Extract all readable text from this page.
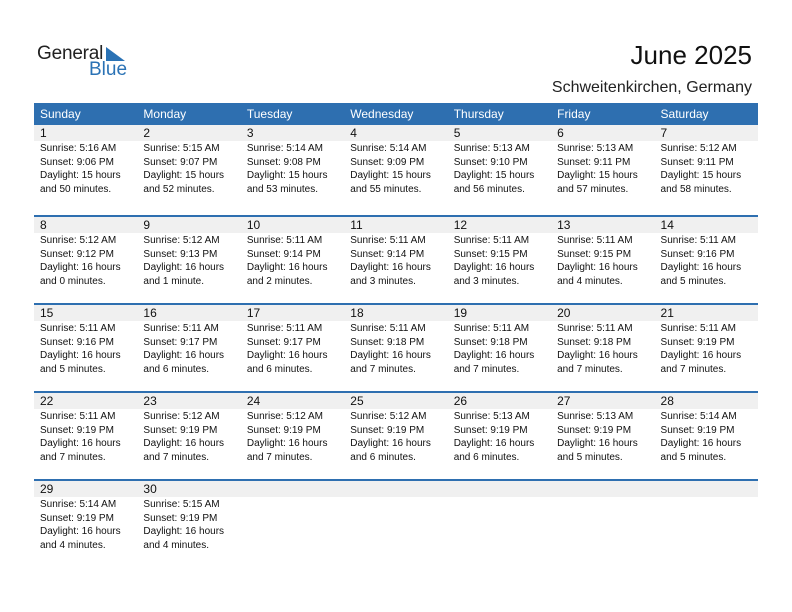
General
Blue	June 2025
Schweitenkirchen, Germany
Sunday	Monday	Tuesday	Wednesday	Thursday	Friday	Saturday
1	2	3	4	5	6	7
Sunrise: 5:16 AM
Sunset: 9:06 PM
Daylight: 15 hours
and 50 minutes.
Sunrise: 5:15 AM
Sunset: 9:07 PM
Daylight: 15 hours
and 52 minutes.
Sunrise: 5:14 AM
Sunset: 9:08 PM
Daylight: 15 hours
and 53 minutes.
Sunrise: 5:14 AM
Sunset: 9:09 PM
Daylight: 15 hours
and 55 minutes.
Sunrise: 5:13 AM
Sunset: 9:10 PM
Daylight: 15 hours
and 56 minutes.
Sunrise: 5:13 AM
Sunset: 9:11 PM
Daylight: 15 hours
and 57 minutes.
Sunrise: 5:12 AM
Sunset: 9:11 PM
Daylight: 15 hours
and 58 minutes.
8	9	10	11	12	13	14
Sunrise: 5:12 AM
Sunset: 9:12 PM
Daylight: 16 hours
and 0 minutes.
Sunrise: 5:12 AM
Sunset: 9:13 PM
Daylight: 16 hours
and 1 minute.
Sunrise: 5:11 AM
Sunset: 9:14 PM
Daylight: 16 hours
and 2 minutes.
Sunrise: 5:11 AM
Sunset: 9:14 PM
Daylight: 16 hours
and 3 minutes.
Sunrise: 5:11 AM
Sunset: 9:15 PM
Daylight: 16 hours
and 3 minutes.
Sunrise: 5:11 AM
Sunset: 9:15 PM
Daylight: 16 hours
and 4 minutes.
Sunrise: 5:11 AM
Sunset: 9:16 PM
Daylight: 16 hours
and 5 minutes.
15	16	17	18	19	20	21
Sunrise: 5:11 AM
Sunset: 9:16 PM
Daylight: 16 hours
and 5 minutes.
Sunrise: 5:11 AM
Sunset: 9:17 PM
Daylight: 16 hours
and 6 minutes.
Sunrise: 5:11 AM
Sunset: 9:17 PM
Daylight: 16 hours
and 6 minutes.
Sunrise: 5:11 AM
Sunset: 9:18 PM
Daylight: 16 hours
and 7 minutes.
Sunrise: 5:11 AM
Sunset: 9:18 PM
Daylight: 16 hours
and 7 minutes.
Sunrise: 5:11 AM
Sunset: 9:18 PM
Daylight: 16 hours
and 7 minutes.
Sunrise: 5:11 AM
Sunset: 9:19 PM
Daylight: 16 hours
and 7 minutes.
22	23	24	25	26	27	28
Sunrise: 5:11 AM
Sunset: 9:19 PM
Daylight: 16 hours
and 7 minutes.
Sunrise: 5:12 AM
Sunset: 9:19 PM
Daylight: 16 hours
and 7 minutes.
Sunrise: 5:12 AM
Sunset: 9:19 PM
Daylight: 16 hours
and 7 minutes.
Sunrise: 5:12 AM
Sunset: 9:19 PM
Daylight: 16 hours
and 6 minutes.
Sunrise: 5:13 AM
Sunset: 9:19 PM
Daylight: 16 hours
and 6 minutes.
Sunrise: 5:13 AM
Sunset: 9:19 PM
Daylight: 16 hours
and 5 minutes.
Sunrise: 5:14 AM
Sunset: 9:19 PM
Daylight: 16 hours
and 5 minutes.
29	30
Sunrise: 5:14 AM
Sunset: 9:19 PM
Daylight: 16 hours
and 4 minutes.
Sunrise: 5:15 AM
Sunset: 9:19 PM
Daylight: 16 hours
and 4 minutes.
